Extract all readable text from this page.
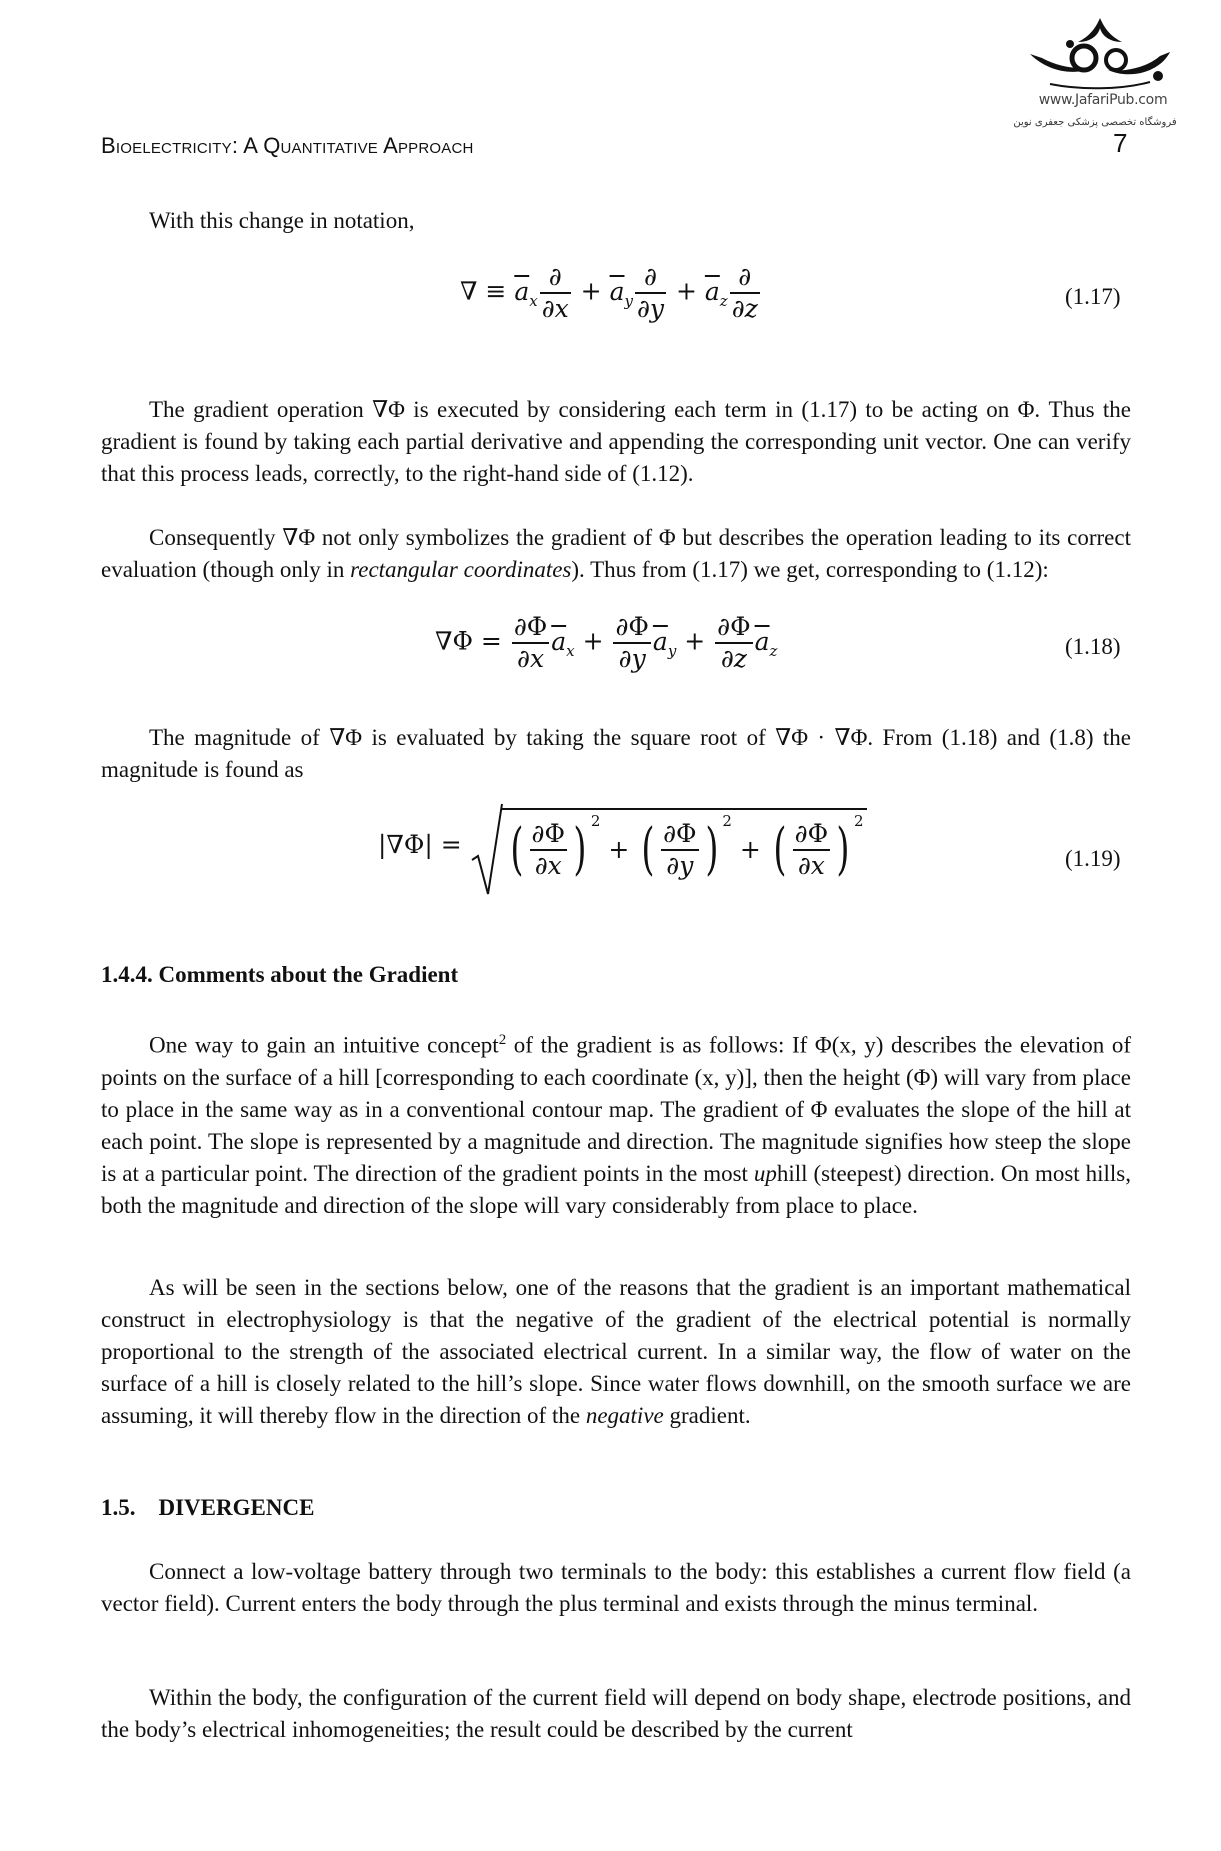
www.JafariPub.com
فروشگاه تخصصی پزشکی جعفری نوین
Bioelectricity: A Quantitative Approach	7
With this change in notation,
∇ ≡ $\overline{a}_x \frac{\partial}{\partial x} + \overline{a}_y \frac{\partial}{\partial y} + \overline{a}_z \frac{\partial}{\partial z}$	(1.17)
The gradient operation ∇Φ is executed by considering each term in (1.17) to be acting on Φ. Thus the gradient is found by taking each partial derivative and appending the corresponding unit vector. One can verify that this process leads, correctly, to the right-hand side of (1.12).
Consequently ∇Φ not only symbolizes the gradient of Φ but describes the operation leading to its correct evaluation (though only in rectangular coordinates). Thus from (1.17) we get, corresponding to (1.12):
$\nabla\Phi = \frac{\partial\Phi}{\partial x} \overline{a}_x + \frac{\partial\Phi}{\partial y} \overline{a}_y + \frac{\partial\Phi}{\partial z} \overline{a}_z$	(1.18)
The magnitude of ∇Φ is evaluated by taking the square root of ∇Φ · ∇Φ. From (1.18) and (1.8) the magnitude is found as
|∇Φ| = ( $\frac{\partial\Phi}{\partial x}$ ) $^2$ + ( $\frac{\partial\Phi}{\partial y}$ ) $^2$ + ( $\frac{\partial\Phi}{\partial x}$ ) $^2$
(1.19)
1.4.4. Comments about the Gradient
One way to gain an intuitive concept$^2$ of the gradient is as follows: If Φ(x, y) describes the elevation of points on the surface of a hill [corresponding to each coordinate (x, y)], then the height (Φ) will vary from place to place in the same way as in a conventional contour map. The gradient of Φ evaluates the slope of the hill at each point. The slope is represented by a magnitude and direction. The magnitude signifies how steep the slope is at a particular point. The direction of the gradient points in the most uphill (steepest) direction. On most hills, both the magnitude and direction of the slope will vary considerably from place to place.
As will be seen in the sections below, one of the reasons that the gradient is an important mathematical construct in electrophysiology is that the negative of the gradient of the electrical potential is normally proportional to the strength of the associated electrical current. In a similar way, the flow of water on the surface of a hill is closely related to the hill’s slope. Since water flows downhill, on the smooth surface we are assuming, it will thereby flow in the direction of the negative gradient.
1.5.    DIVERGENCE
Connect a low-voltage battery through two terminals to the body: this establishes a current flow field (a vector field). Current enters the body through the plus terminal and exists through the minus terminal.
Within the body, the configuration of the current field will depend on body shape, electrode positions, and the body’s electrical inhomogeneities; the result could be described by the current
